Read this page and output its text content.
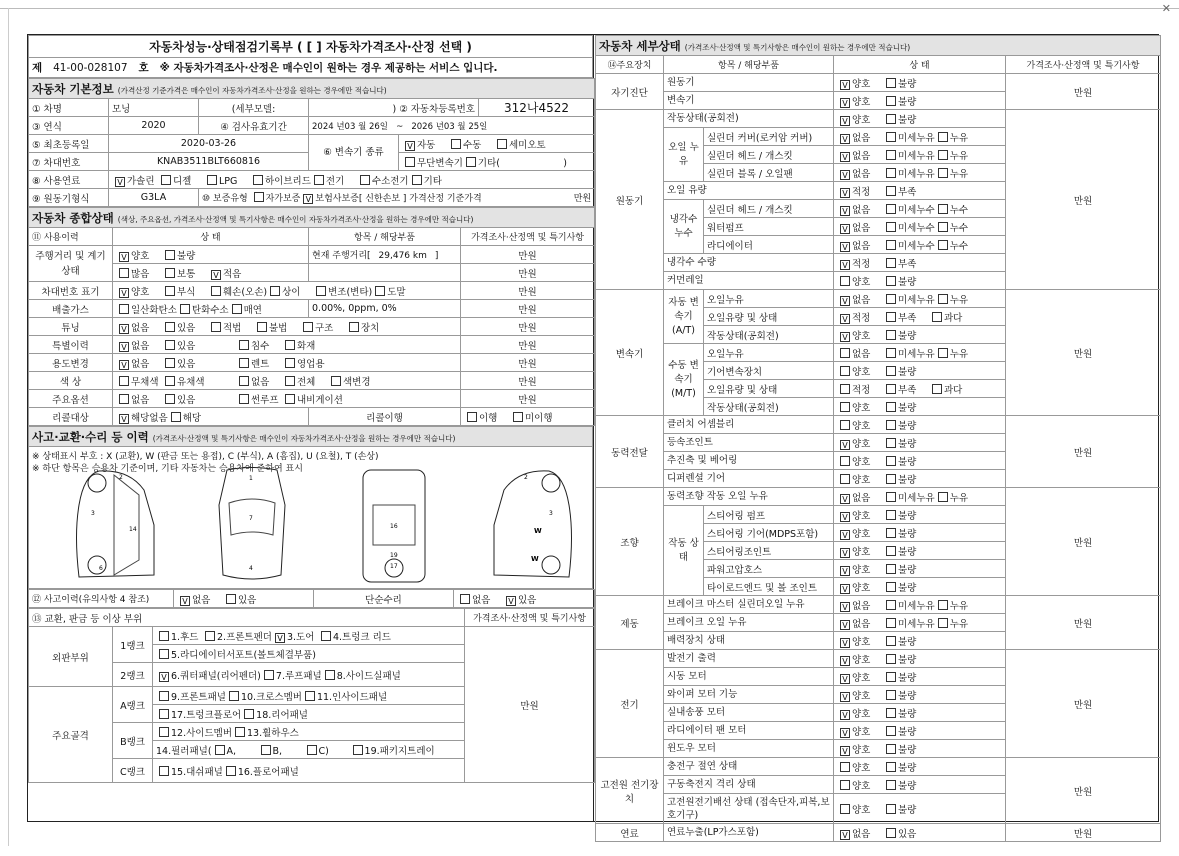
✕
자동차성능·상태점검기록부 ( [ ] 자동차가격조사·산정 선택 )
제 41-00-028107 호 ※ 자동차가격조사·산정은 매수인이 원하는 경우 제공하는 서비스 입니다.
자동차 기본정보 (가격산정 기준가격은 매수인이 자동차가격조사·산정을 원하는 경우에만 적습니다)					
① 차명	모닝	(세부모델:	) ② 자동차등록번호		312나4522
③ 연식	2020	④ 검사유효기간	2024 년03 월 26일 ~ 2026 년03 월 25일		
⑤ 최초등록일	2020-03-26		⑥ 변속기 종류	V 자동 수동 세미오토	
⑦ 차대번호	KNAB3511BLT660816			무단변속기 기타( )	
⑧ 사용연료	V 가솔린 디젤 LPG 하이브리드 전기 수소전기 기타				
⑨ 원동기형식	G3LA	⑩ 보증유형 자가보증 V 보험사보증[ 신한손보 ] 가격산정 기준가격 만원			
자동차 종합상태 (색상, 주요옵션, 가격조사·산정액 및 특기사항은 매수인이 자동차가격조사·산정을 원하는 경우에만 적습니다)			
⑪ 사용이력	상 태	항목 / 해당부품	가격조사·산정액 및 특기사항
주행거리 및 계기상태	V 양호 불량	현재 주행거리[ 29,476 km ]	만원
	많음 보통 V 적음		만원
차대번호 표기	V 양호 부식 훼손(오손) 상이 변조(변타) 도말		만원
배출가스	일산화탄소 탄화수소 매연	0.00%, 0ppm, 0%	만원
튜닝	V 없음 있음 적법 불법 구조 장치		만원
특별이력	V 없음 있음 침수 화재		만원
용도변경	V 없음 있음 렌트 영업용		만원
색 상	무채색 유채색 없음 전체 색변경		만원
주요옵션	없음 있음 썬루프 내비게이션		만원
리콜대상	V 해당없음 해당	리콜이행	이행 미이행
사고·교환·수리 등 이력 (가격조사·산정액 및 특기사항은 매수인이 자동차가격조사·산정을 원하는 경우에만 적습니다)
※ 상태표시 부호 : X (교환), W (판금 또는 용접), C (부식), A (흠집), U (요철), T (손상)
※ 하단 항목은 승용차 기준이며, 기타 자동차는 승용차에 준하여 표시
2
3
14
6
1
7
4
16
17
19
2
3
W
W
⑫ 사고이력(유의사항 4 참조)	V 없음	있음	단순수리	없음 V 있음
⑬ 교환, 판금 등 이상 부위			가격조사·산정액 및 특기사항
외판부위	1랭크	1.후드 2.프론트펜더 V 3.도어 4.트렁크 리드	만원
		5.라디에이터서포트(볼트체결부품)	
	2랭크	V 6.쿼터패널(리어펜더) 7.루프패널 8.사이드실패널	
주요골격	A랭크	9.프론트패널 10.크로스멤버 11.인사이드패널	
		17.트렁크플로어 18.리어패널	
	B랭크	12.사이드멤버 13.휠하우스	
		14.필러패널( A, B, C) 19.패키지트레이	
	C랭크	15.대쉬패널 16.플로어패널	
자동차 세부상태 (가격조사·산정액 및 특기사항은 매수인이 원하는 경우에만 적습니다)				
⑭주요장치	항목 / 해당부품		상 태	가격조사·산정액 및 특기사항
자기진단	원동기		V 양호 불량	만원
	변속기		V 양호 불량	
원동기	작동상태(공회전)		V 양호 불량	만원
	오일 누유	실린더 커버(로커암 커버)	V 없음 미세누유 누유	
		실린더 헤드 / 개스킷	V 없음 미세누유 누유	
		실린더 블록 / 오일팬	V 없음 미세누유 누유	
	오일 유량		V 적정 부족	
	냉각수 누수	실린더 헤드 / 개스킷	V 없음 미세누수 누수	
		워터펌프	V 없음 미세누수 누수	
		라디에이터	V 없음 미세누수 누수	
	냉각수 수량		V 적정 부족	
	커먼레일		양호 불량	
변속기	자동 변속기 (A/T)	오일누유	V 없음 미세누유 누유	만원
		오일유량 및 상태	V 적정 부족 과다	
		작동상태(공회전)	V 양호 불량	
	수동 변속기 (M/T)	오일누유	없음 미세누유 누유	
		기어변속장치	양호 불량	
		오일유량 및 상태	적정 부족 과다	
		작동상태(공회전)	양호 불량	
동력전달	클러치 어셈블리		양호 불량	만원
	등속조인트		V 양호 불량	
	추진축 및 베어링		양호 불량	
	디퍼렌셜 기어		양호 불량	
조향	동력조향 작동 오일 누유		V 없음 미세누유 누유	만원
	작동 상태	스티어링 펌프	V 양호 불량	
		스티어링 기어(MDPS포함)	V 양호 불량	
		스티어링조인트	V 양호 불량	
		파워고압호스	V 양호 불량	
		타이로드엔드 및 볼 조인트	V 양호 불량	
제동	브레이크 마스터 실린더오일 누유		V 없음 미세누유 누유	만원
	브레이크 오일 누유		V 없음 미세누유 누유	
	배력장치 상태		V 양호 불량	
전기	발전기 출력		V 양호 불량	만원
	시동 모터		V 양호 불량	
	와이퍼 모터 기능		V 양호 불량	
	실내송풍 모터		V 양호 불량	
	라디에이터 팬 모터		V 양호 불량	
	윈도우 모터		V 양호 불량	
고전원 전기장치	충전구 절연 상태		양호 불량	만원
	구동축전지 격리 상태		양호 불량	
	고전원전기배선 상태 (접속단자,피복,보호기구)		양호 불량	
연료	연료누출(LP가스포함)		V 없음 있음	만원
